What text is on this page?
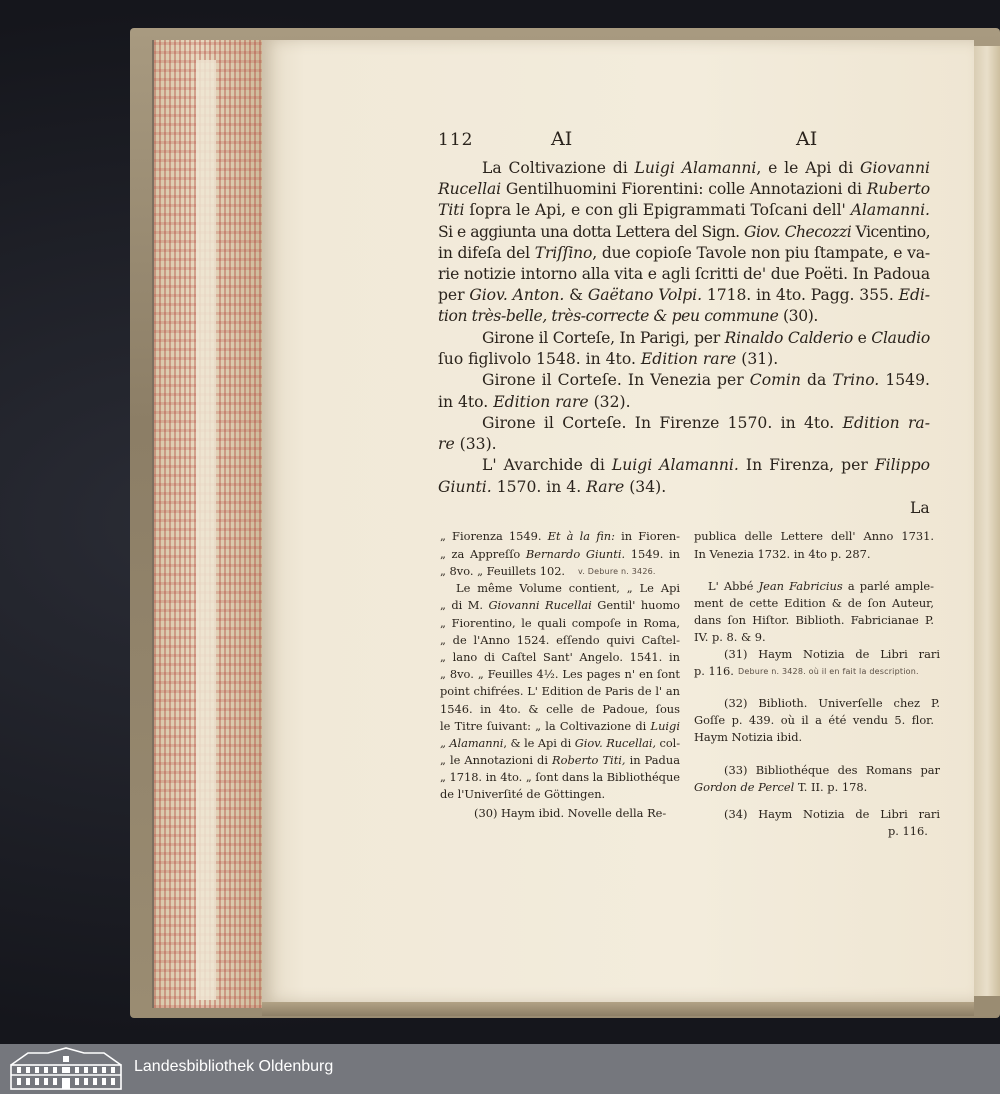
112	AI	AI
La Coltivazione di Luigi Alamanni, e le Api di Giovanni
Rucellai Gentilhuomini Fiorentini: colle Annotazioni di Ruberto
Titi ſopra le Api, e con gli Epigrammati Toſcani dell' Alamanni.
Si e aggiunta una dotta Lettera del Sign. Giov. Checozzi Vicentino,
in difeſa del Triſſino, due copioſe Tavole non piu ſtampate, e va-
rie notizie intorno alla vita e agli ſcritti de' due Poëti. In Padoua
per Giov. Anton. & Gaëtano Volpi. 1718. in 4to. Pagg. 355. Edi-
tion très-belle, très-correcte & peu commune (30).
Girone il Corteſe, In Parigi, per Rinaldo Calderio e Claudio
ſuo figlivolo 1548. in 4to. Edition rare (31).
Girone il Corteſe. In Venezia per Comin da Trino. 1549.
in 4to. Edition rare (32).
Girone il Corteſe. In Firenze 1570. in 4to. Edition ra-
re (33).
L' Avarchide di Luigi Alamanni. In Firenza, per Filippo
Giunti. 1570. in 4. Rare (34).
La
„ Fiorenza 1549. Et à la fin: in Fioren-
„ za Appreſſo Bernardo Giunti. 1549. in
„ 8vo. „ Feuillets 102.
Le même Volume contient, „ Le Api
„ di M. Giovanni Rucellai Gentil' huomo
„ Fiorentino, le quali compoſe in Roma,
„ de l'Anno 1524. eſſendo quivi Caſtel-
„ lano di Caſtel Sant' Angelo. 1541. in
„ 8vo. „ Feuilles 4½. Les pages n' en ſont
point chifrées. L' Edition de Paris de l' an
1546. in 4to. & celle de Padoue, ſous
le Titre ſuivant: „ la Coltivazione di Luigi
„ Alamanni, & le Api di Giov. Rucellai, col-
„ le Annotazioni di Roberto Titi, in Padua
„ 1718. in 4to. „ ſont dans la Bibliothéque
de l'Univerſité de Göttingen.
(30) Haym ibid. Novelle della Re-
publica delle Lettere dell' Anno 1731.
In Venezia 1732. in 4to p. 287.
L' Abbé Jean Fabricius a parlé ample-
ment de cette Edition & de ſon Auteur,
dans ſon Hiſtor. Biblioth. Fabricianae P.
IV. p. 8. & 9.
(31) Haym Notizia de Libri rari
p. 116.
(32) Biblioth. Univerſelle chez P.
Goſſe p. 439. où il a été vendu 5. flor.
Haym Notizia ibid.
(33) Bibliothéque des Romans par
Gordon de Percel T. II. p. 178.
(34) Haym Notizia de Libri rari
p. 116.
v. Debure n. 3426.
Debure n. 3428. où il en fait la description.
Landesbibliothek Oldenburg
